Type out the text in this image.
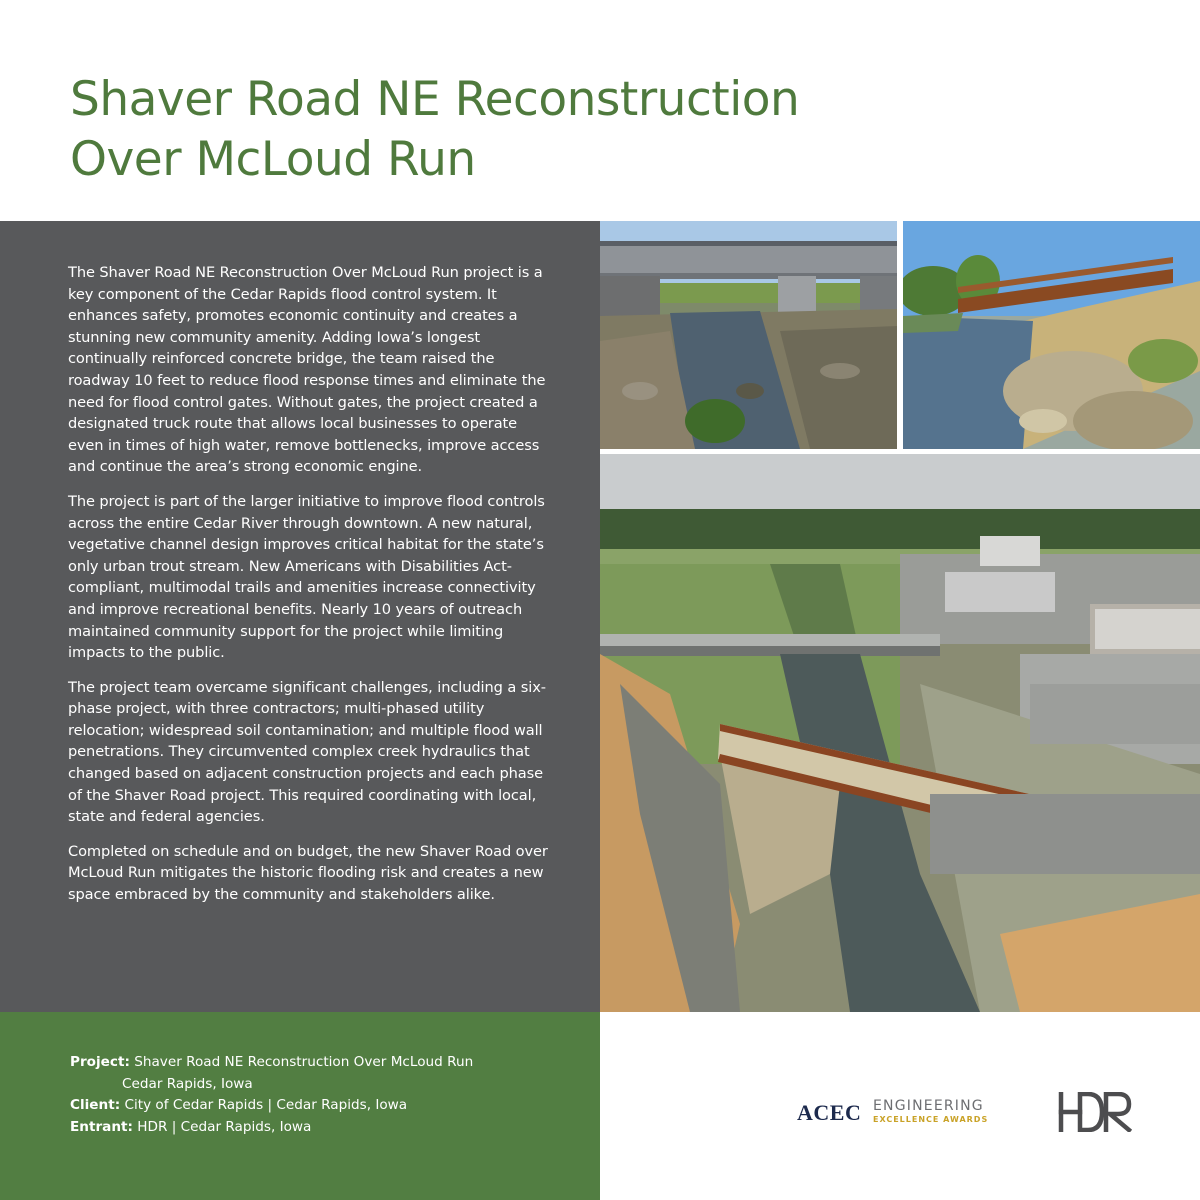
Shaver Road NE Reconstruction
Over McLoud Run

The Shaver Road NE Reconstruction Over McLoud Run project is a key component of the Cedar Rapids flood control system. It enhances safety, promotes economic continuity and creates a stunning new community amenity. Adding Iowa’s longest continually reinforced concrete bridge, the team raised the roadway 10 feet to reduce flood response times and eliminate the need for flood control gates. Without gates, the project created a designated truck route that allows local businesses to operate even in times of high water, remove bottlenecks, improve access and continue the area’s strong economic engine.

The project is part of the larger initiative to improve flood controls across the entire Cedar River through downtown. A new natural, vegetative channel design improves critical habitat for the state’s only urban trout stream. New Americans with Disabilities Act-compliant, multimodal trails and amenities increase connectivity and improve recreational benefits. Nearly 10 years of outreach maintained community support for the project while limiting impacts to the public.

The project team overcame significant challenges, including a six-phase project, with three contractors; multi-phased utility relocation; widespread soil contamination; and multiple flood wall penetrations. They circumvented complex creek hydraulics that changed based on adjacent construction projects and each phase of the Shaver Road project. This required coordinating with local, state and federal agencies.

Completed on schedule and on budget, the new Shaver Road over McLoud Run mitigates the historic flooding risk and creates a new space embraced by the community and stakeholders alike.

Project: Shaver Road NE Reconstruction Over McLoud Run
Cedar Rapids, Iowa
Client: City of Cedar Rapids | Cedar Rapids, Iowa
Entrant: HDR | Cedar Rapids, Iowa
ACEC ENGINEERING
EXCELLENCE AWARDS
